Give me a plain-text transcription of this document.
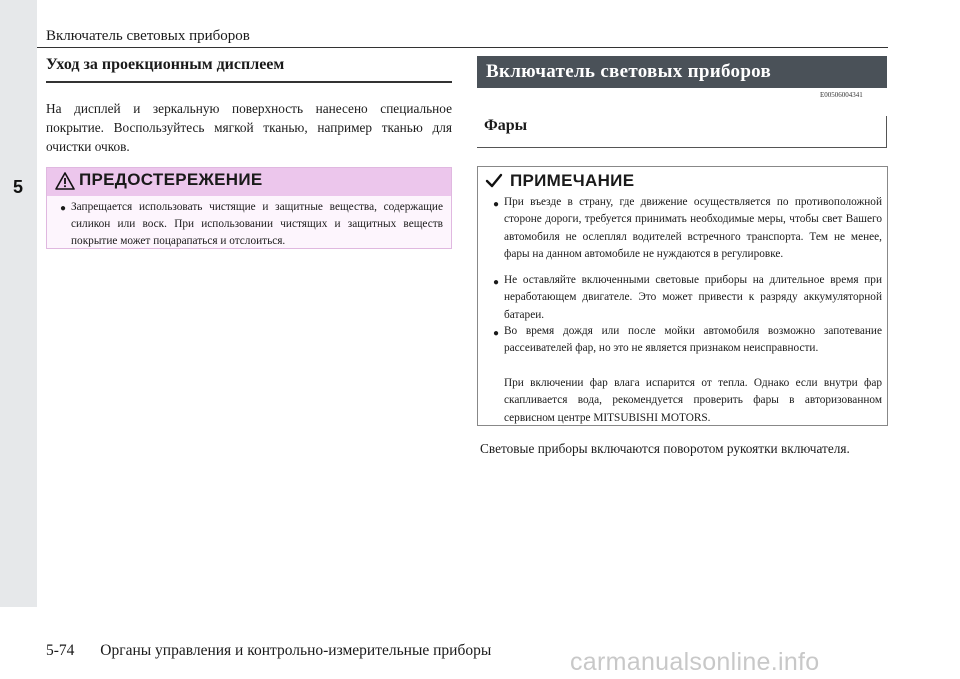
5
Включатель световых приборов
Уход за проекционным дисплеем
На дисплей и зеркальную поверхность нанесено специальное покрытие. Воспользуйтесь мягкой тканью, например тканью для очистки очков.
ПРЕДОСТЕРЕЖЕНИЕ
● Запрещается использовать чистящие и защитные вещества, содержащие силикон или воск. При использовании чистящих и защитных веществ покрытие может поцарапаться и отслоиться.
Включатель световых приборов
E00506004341
Фары
ПРИМЕЧАНИЕ
● При въезде в страну, где движение осуществляется по противоположной стороне дороги, требуется принимать необходимые меры, чтобы свет Вашего автомобиля не ослеплял водителей встречного транспорта. Тем не менее, фары на данном автомобиле не нуждаются в регулировке.
● Не оставляйте включенными световые приборы на длительное время при неработающем двигателе. Это может привести к разряду аккумуляторной батареи.
● Во время дождя или после мойки автомобиля возможно запотевание рассеивателей фар, но это не является признаком неисправности.
При включении фар влага испарится от тепла. Однако если внутри фар скапливается вода, рекомендуется проверить фары в авторизованном сервисном центре MITSUBISHI MOTORS.
Световые приборы включаются поворотом рукоятки включателя.
5-74 Органы управления и контрольно-измерительные приборы	carmanualsonline.info
